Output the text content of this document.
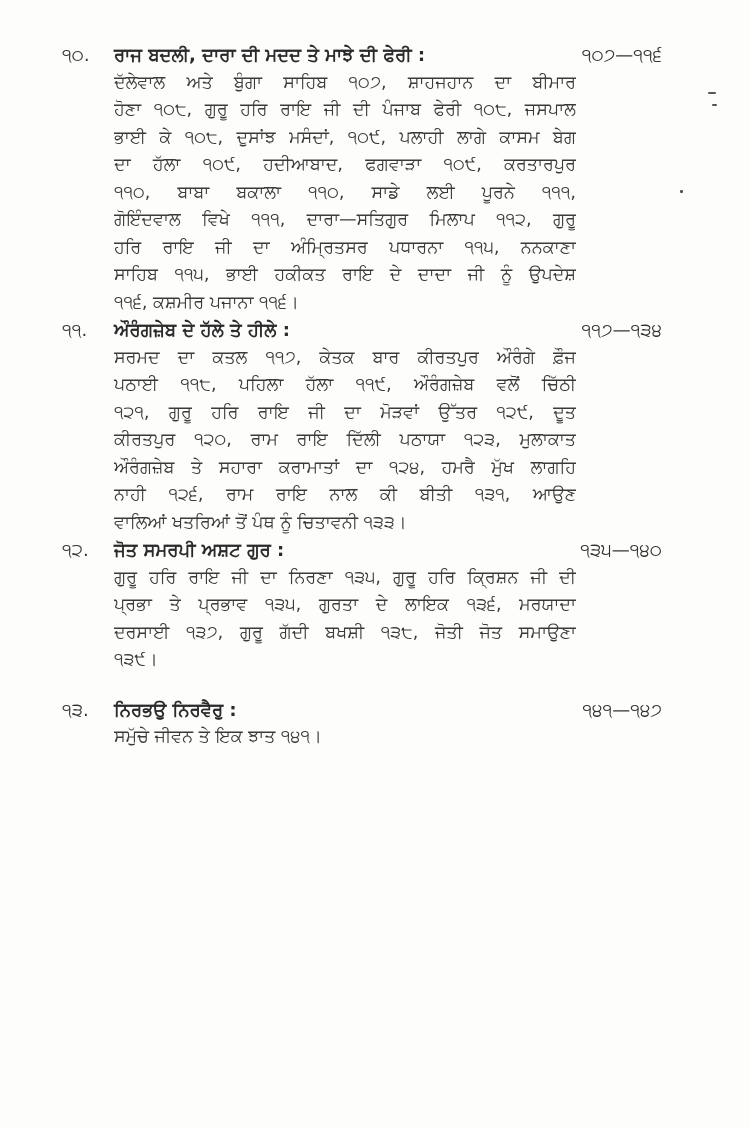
੧੦.	ਰਾਜ ਬਦਲੀ, ਦਾਰਾ ਦੀ ਮਦਦ ਤੇ ਮਾਝੇ ਦੀ ਫੇਰੀ :	੧੦੭—੧੧੬
ਦੱਲੇਵਾਲ ਅਤੇ ਬੁੰਗਾ ਸਾਹਿਬ ੧੦੭, ਸ਼ਾਹਜਹਾਨ ਦਾ ਬੀਮਾਰ
ਹੋਣਾ ੧੦੮, ਗੁਰੂ ਹਰਿ ਰਾਇ ਜੀ ਦੀ ਪੰਜਾਬ ਫੇਰੀ ੧੦੮, ਜਸਪਾਲ
ਭਾਈ ਕੇ ੧੦੮, ਦੁਸਾਂਝ ਮਸੰਦਾਂ, ੧੦੯, ਪਲਾਹੀ ਲਾਗੇ ਕਾਸਮ ਬੇਗ
ਦਾ ਹੱਲਾ ੧੦੯, ਹਦੀਆਬਾਦ, ਫਗਵਾੜਾ ੧੦੯, ਕਰਤਾਰਪੁਰ
੧੧੦, ਬਾਬਾ ਬਕਾਲਾ ੧੧੦, ਸਾਡੇ ਲਈ ਪੂਰਨੇ ੧੧੧,
ਗੋਇੰਦਵਾਲ ਵਿਖੇ ੧੧੧, ਦਾਰਾ—ਸਤਿਗੁਰ ਮਿਲਾਪ ੧੧੨, ਗੁਰੂ
ਹਰਿ ਰਾਇ ਜੀ ਦਾ ਅੰਮ੍ਰਿਤਸਰ ਪਧਾਰਨਾ ੧੧੫, ਨਨਕਾਣਾ
ਸਾਹਿਬ ੧੧੫, ਭਾਈ ਹਕੀਕਤ ਰਾਇ ਦੇ ਦਾਦਾ ਜੀ ਨੂੰ ਉਪਦੇਸ਼
੧੧੬, ਕਸ਼ਮੀਰ ਪਜਾਨਾ ੧੧੬।
੧੧.	ਔਰੰਗਜ਼ੇਬ ਦੇ ਹੱਲੇ ਤੇ ਹੀਲੇ :	੧੧੭—੧੩੪
ਸਰਮਦ ਦਾ ਕਤਲ ੧੧੭, ਕੇਤਕ ਬਾਰ ਕੀਰਤਪੁਰ ਔਰੰਗੇ ਫ਼ੌਜ
ਪਠਾਈ ੧੧੮, ਪਹਿਲਾ ਹੱਲਾ ੧੧੯, ਔਰੰਗਜ਼ੇਬ ਵਲੋਂ ਚਿੱਠੀ
੧੨੧, ਗੁਰੂ ਹਰਿ ਰਾਇ ਜੀ ਦਾ ਮੋੜਵਾਂ ਉੱਤਰ ੧੨੯, ਦੂਤ
ਕੀਰਤਪੁਰ ੧੨੦, ਰਾਮ ਰਾਇ ਦਿੱਲੀ ਪਠਾਯਾ ੧੨੩, ਮੁਲਾਕਾਤ
ਔਰੰਗਜ਼ੇਬ ਤੇ ਸਹਾਰਾ ਕਰਾਮਾਤਾਂ ਦਾ ੧੨੪, ਹਮਰੈ ਮੁੱਖ ਲਾਗਹਿ
ਨਾਹੀ ੧੨੬, ਰਾਮ ਰਾਇ ਨਾਲ ਕੀ ਬੀਤੀ ੧੩੧, ਆਉਣ
ਵਾਲਿਆਂ ਖਤਰਿਆਂ ਤੋਂ ਪੰਥ ਨੂੰ ਚਿਤਾਵਨੀ ੧੩੩।
੧੨.	ਜੋਤ ਸਮਰਪੀ ਅਸ਼ਟ ਗੁਰ :	੧੩੫—੧੪੦
ਗੁਰੂ ਹਰਿ ਰਾਇ ਜੀ ਦਾ ਨਿਰਣਾ ੧੩੫, ਗੁਰੂ ਹਰਿ ਕ੍ਰਿਸ਼ਨ ਜੀ ਦੀ
ਪ੍ਰਭਾ ਤੇ ਪ੍ਰਭਾਵ ੧੩੫, ਗੁਰਤਾ ਦੇ ਲਾਇਕ ੧੩੬, ਮਰਯਾਦਾ
ਦਰਸਾਈ ੧੩੭, ਗੁਰੂ ਗੱਦੀ ਬਖਸ਼ੀ ੧੩੮, ਜੋਤੀ ਜੋਤ ਸਮਾਉਣਾ
੧੩੯।
੧੩.	ਨਿਰਭਉ ਨਿਰਵੈਰੁ :	੧੪੧—੧੪੭
ਸਮੁੱਚੇ ਜੀਵਨ ਤੇ ਇਕ ਝਾਤ ੧੪੧।
